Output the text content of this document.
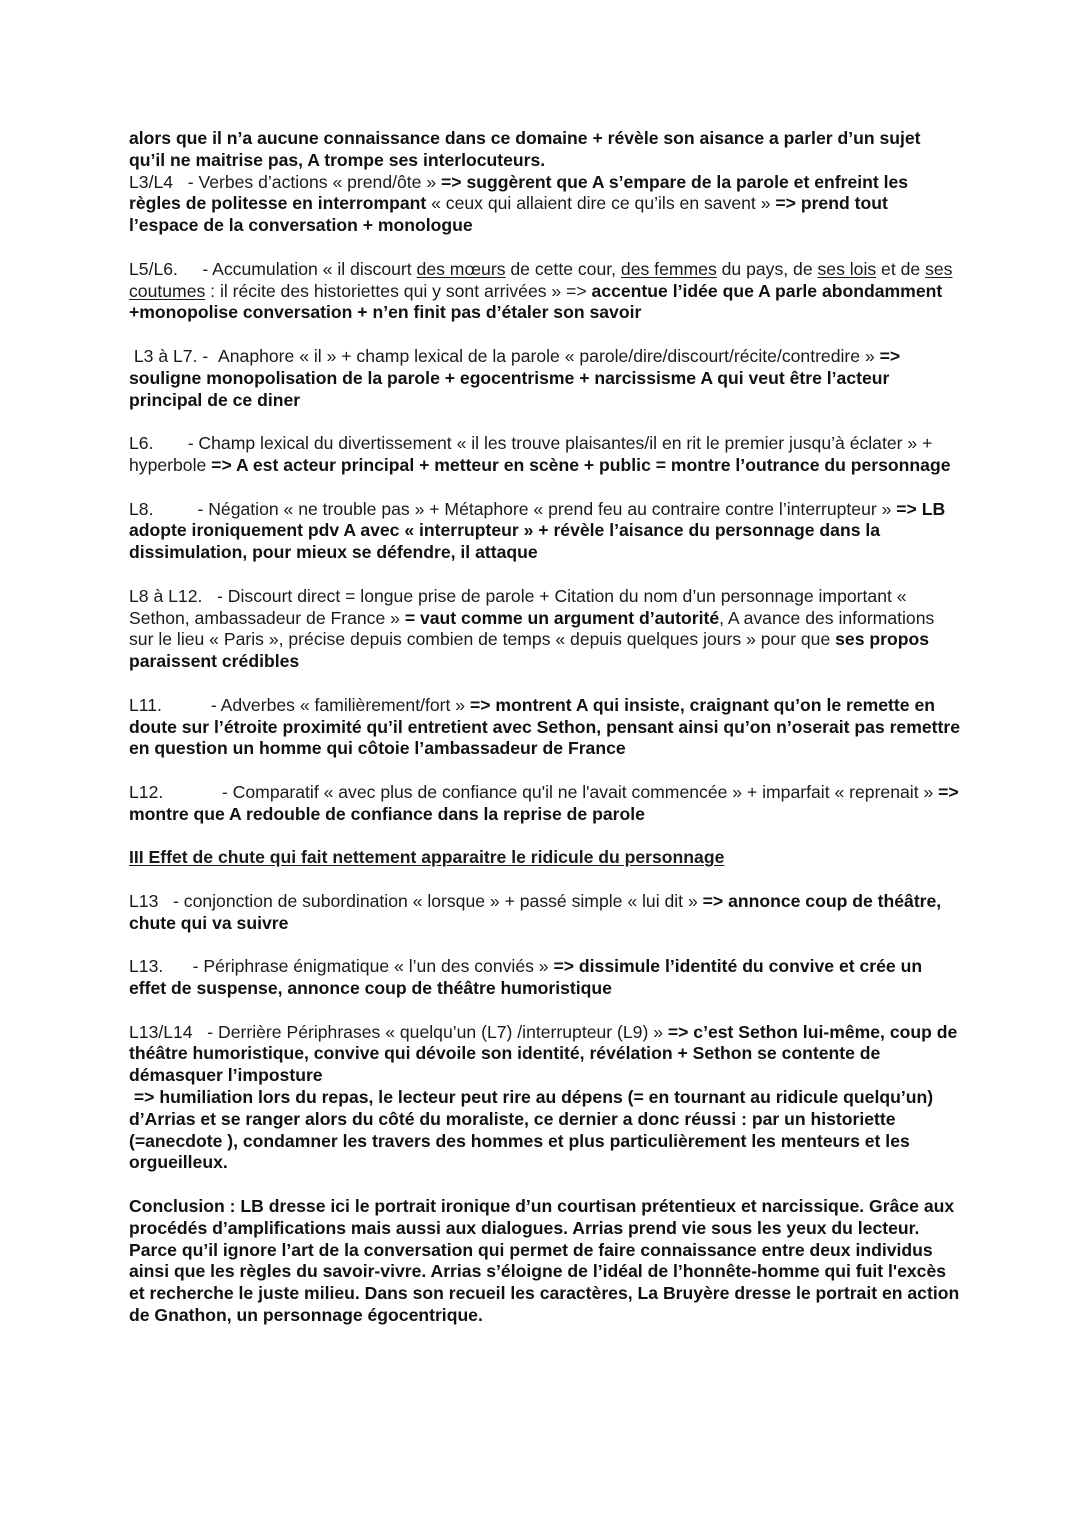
alors que il n’a aucune connaissance dans ce domaine + révèle son aisance a parler d’un sujet qu’il ne maitrise pas, A trompe ses interlocuteurs.

L3/L4 - Verbes d’actions « prend/ôte » => suggèrent que A s’empare de la parole et enfreint les règles de politesse en interrompant « ceux qui allaient dire ce qu’ils en savent » => prend tout l’espace de la conversation + monologue

L5/L6. - Accumulation « il discourt des mœurs de cette cour, des femmes du pays, de ses lois et de ses coutumes : il récite des historiettes qui y sont arrivées » => accentue l’idée que A parle abondamment +monopolise conversation + n’en finit pas d’étaler son savoir

L3 à L7. - Anaphore « il » + champ lexical de la parole « parole/dire/discourt/récite/contredire » => souligne monopolisation de la parole + egocentrisme + narcissisme A qui veut être l’acteur principal de ce diner

L6. - Champ lexical du divertissement « il les trouve plaisantes/il en rit le premier jusqu’à éclater » + hyperbole => A est acteur principal + metteur en scène + public = montre l’outrance du personnage

L8.	- Négation « ne trouble pas » + Métaphore « prend feu au contraire contre l’interrupteur » => LB adopte ironiquement pdv A avec « interrupteur » + révèle l’aisance du personnage dans la dissimulation, pour mieux se défendre, il attaque

L8 à L12. - Discourt direct = longue prise de parole + Citation du nom d’un personnage important « Sethon, ambassadeur de France » = vaut comme un argument d’autorité, A avance des informations sur le lieu « Paris », précise depuis combien de temps « depuis quelques jours » pour que ses propos paraissent crédibles

L11.	- Adverbes « familièrement/fort » => montrent A qui insiste, craignant qu’on le remette en doute sur l’étroite proximité qu’il entretient avec Sethon, pensant ainsi qu’on n’oserait pas remettre en question un homme qui côtoie l’ambassadeur de France

L12.	- Comparatif « avec plus de confiance qu'il ne l'avait commencée » + imparfait « reprenait » => montre que A redouble de confiance dans la reprise de parole

III Effet de chute qui fait nettement apparaitre le ridicule du personnage

L13 - conjonction de subordination « lorsque » + passé simple « lui dit » => annonce coup de théâtre, chute qui va suivre

L13. - Périphrase énigmatique « l’un des conviés » => dissimule l’identité du convive et crée un effet de suspense, annonce coup de théâtre humoristique

L13/L14 - Derrière Périphrases « quelqu’un (L7) /interrupteur (L9) » => c’est Sethon lui-même, coup de théâtre humoristique, convive qui dévoile son identité, révélation + Sethon se contente de démasquer l’imposture

=> humiliation lors du repas, le lecteur peut rire au dépens (= en tournant au ridicule quelqu’un) d’Arrias et se ranger alors du côté du moraliste, ce dernier a donc réussi : par un historiette (=anecdote ), condamner les travers des hommes et plus particulièrement les menteurs et les orgueilleux.

Conclusion : LB dresse ici le portrait ironique d’un courtisan prétentieux et narcissique. Grâce aux procédés d’amplifications mais aussi aux dialogues. Arrias prend vie sous les yeux du lecteur. Parce qu’il ignore l’art de la conversation qui permet de faire connaissance entre deux individus ainsi que les règles du savoir-vivre. Arrias s’éloigne de l’idéal de l’honnête-homme qui fuit l'excès et recherche le juste milieu. Dans son recueil les caractères, La Bruyère dresse le portrait en action de Gnathon, un personnage égocentrique.
